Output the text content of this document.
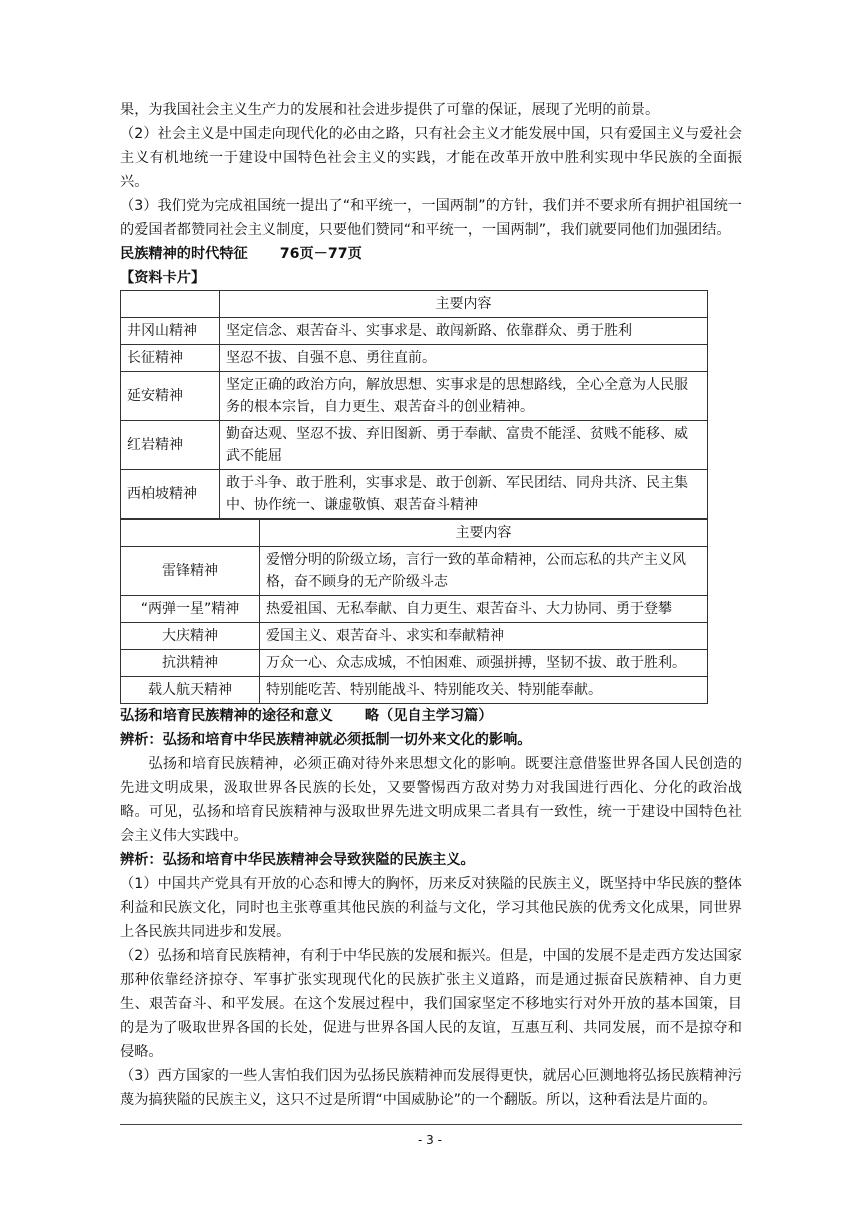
果，为我国社会主义生产力的发展和社会进步提供了可靠的保证，展现了光明的前景。

（2）社会主义是中国走向现代化的必由之路，只有社会主义才能发展中国，只有爱国主义与爱社会主义有机地统一于建设中国特色社会主义的实践，才能在改革开放中胜利实现中华民族的全面振兴。

（3）我们党为完成祖国统一提出了“和平统一，一国两制”的方针，我们并不要求所有拥护祖国统一的爱国者都赞同社会主义制度，只要他们赞同“和平统一，一国两制”，我们就要同他们加强团结。

民族精神的时代特征 76页－77页

【资料卡片】

	主要内容
井冈山精神	坚定信念、艰苦奋斗、实事求是、敢闯新路、依靠群众、勇于胜利
长征精神	坚忍不拔、自强不息、勇往直前。
延安精神	坚定正确的政治方向，解放思想、实事求是的思想路线，全心全意为人民服务的根本宗旨，自力更生、艰苦奋斗的创业精神。
红岩精神	勤奋达观、坚忍不拔、弃旧图新、勇于奉献、富贵不能淫、贫贱不能移、威武不能屈
西柏坡精神	敢于斗争、敢于胜利，实事求是、敢于创新、军民团结、同舟共济、民主集中、协作统一、谦虚敬慎、艰苦奋斗精神
	主要内容
雷锋精神	爱憎分明的阶级立场，言行一致的革命精神，公而忘私的共产主义风格，奋不顾身的无产阶级斗志
“两弹一星”精神	热爱祖国、无私奉献、自力更生、艰苦奋斗、大力协同、勇于登攀
大庆精神	爱国主义、艰苦奋斗、求实和奉献精神
抗洪精神	万众一心、众志成城，不怕困难、顽强拼搏，坚韧不拔、敢于胜利。
载人航天精神	特别能吃苦、特别能战斗、特别能攻关、特别能奉献。

弘扬和培育民族精神的途径和意义 略（见自主学习篇）

辨析：弘扬和培育中华民族精神就必须抵制一切外来文化的影响。

弘扬和培育民族精神，必须正确对待外来思想文化的影响。既要注意借鉴世界各国人民创造的先进文明成果，汲取世界各民族的长处，又要警惕西方敌对势力对我国进行西化、分化的政治战略。可见，弘扬和培育民族精神与汲取世界先进文明成果二者具有一致性，统一于建设中国特色社会主义伟大实践中。

辨析：弘扬和培育中华民族精神会导致狭隘的民族主义。

（1）中国共产党具有开放的心态和博大的胸怀，历来反对狭隘的民族主义，既坚持中华民族的整体利益和民族文化，同时也主张尊重其他民族的利益与文化，学习其他民族的优秀文化成果，同世界上各民族共同进步和发展。

（2）弘扬和培育民族精神，有利于中华民族的发展和振兴。但是，中国的发展不是走西方发达国家那种依靠经济掠夺、军事扩张实现现代化的民族扩张主义道路，而是通过振奋民族精神、自力更生、艰苦奋斗、和平发展。在这个发展过程中，我们国家坚定不移地实行对外开放的基本国策，目的是为了吸取世界各国的长处，促进与世界各国人民的友谊，互惠互利、共同发展，而不是掠夺和侵略。

（3）西方国家的一些人害怕我们因为弘扬民族精神而发展得更快，就居心叵测地将弘扬民族精神污蔑为搞狭隘的民族主义，这只不过是所谓“中国威胁论”的一个翻版。所以，这种看法是片面的。

- 3 -
